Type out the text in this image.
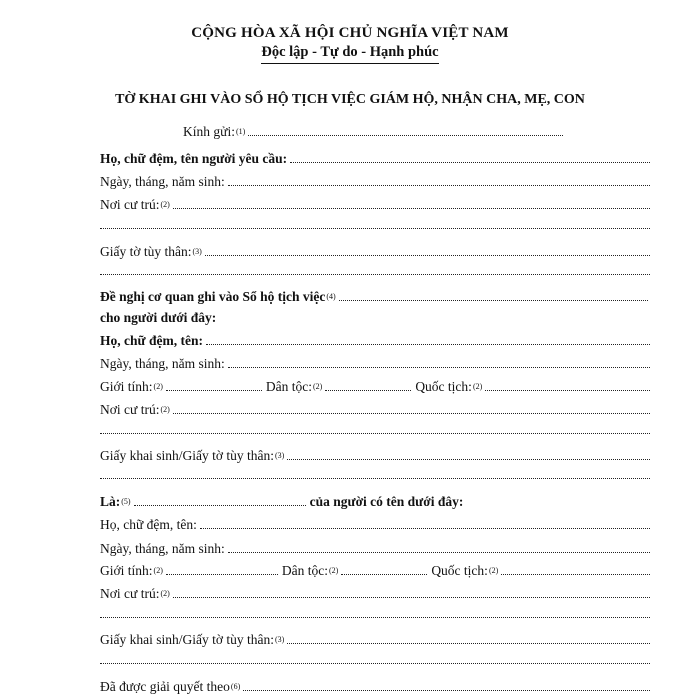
CỘNG HÒA XÃ HỘI CHỦ NGHĨA VIỆT NAM
Độc lập - Tự do - Hạnh phúc
TỜ KHAI GHI VÀO SỔ HỘ TỊCH VIỆC GIÁM HỘ, NHẬN CHA, MẸ, CON
Kính gửi:$^{(1)}$
Họ, chữ đệm, tên người yêu cầu:
Ngày, tháng, năm sinh:
Nơi cư trú:$^{(2)}$
Giấy tờ tùy thân:$^{(3)}$
Đề nghị cơ quan ghi vào Sổ hộ tịch việc$^{(4)}$
cho người dưới đây:
Họ, chữ đệm, tên:
Ngày, tháng, năm sinh:
Giới tính:$^{(2)}$	Dân tộc:$^{(2)}$	Quốc tịch:$^{(2)}$
Nơi cư trú:$^{(2)}$
Giấy khai sinh/Giấy tờ tùy thân:$^{(3)}$
Là:$^{(5)}$	của người có tên dưới đây:
Họ, chữ đệm, tên:
Ngày, tháng, năm sinh:
Giới tính:$^{(2)}$	Dân tộc:$^{(2)}$	Quốc tịch:$^{(2)}$
Nơi cư trú:$^{(2)}$
Giấy khai sinh/Giấy tờ tùy thân:$^{(3)}$
Đã được giải quyết theo$^{(6)}$
